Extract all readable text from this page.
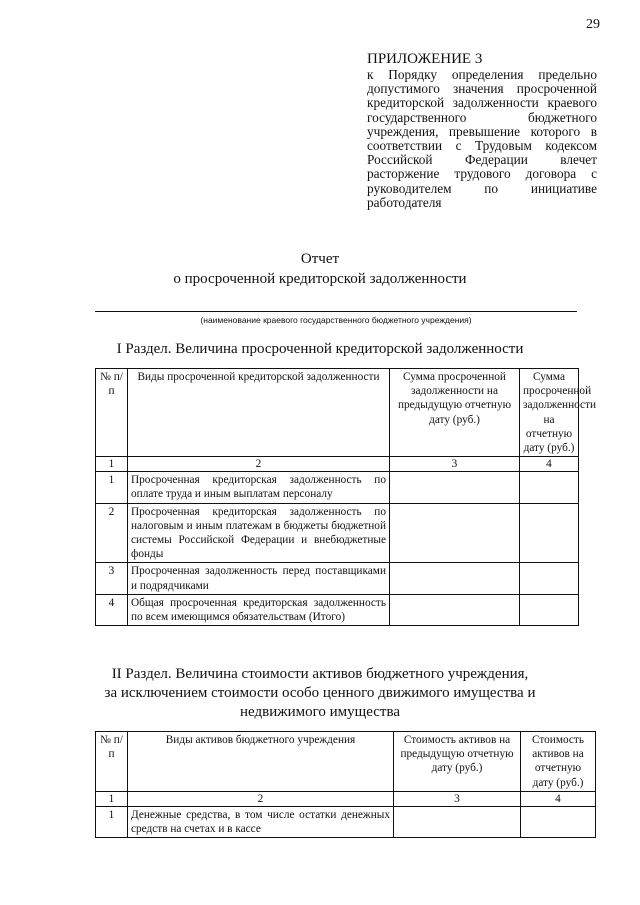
29
ПРИЛОЖЕНИЕ 3
к Порядку определения предельно допустимого значения просроченной кредиторской задолженности краевого государственного бюджетного учреждения, превышение которого в соответствии с Трудовым кодексом Российской Федерации влечет расторжение трудового договора с руководителем по инициативе работодателя
Отчет
о просроченной кредиторской задолженности
(наименование краевого государственного бюджетного учреждения)
I Раздел. Величина просроченной кредиторской задолженности
№ п/п	Виды просроченной кредиторской задолженности	Сумма просроченной задолженности на предыдущую отчетную дату (руб.)	Сумма просроченной задолженности на отчетную дату (руб.)
1	2	3	4
1	Просроченная кредиторская задолженность по оплате труда и иным выплатам персоналу		
2	Просроченная кредиторская задолженность по налоговым и иным платежам в бюджеты бюджетной системы Российской Федерации и внебюджетные фонды		
3	Просроченная задолженность перед поставщиками и подрядчиками		
4	Общая просроченная кредиторская задолженность по всем имеющимся обязательствам (Итого)		
II Раздел. Величина стоимости активов бюджетного учреждения,
за исключением стоимости особо ценного движимого имущества и
недвижимого имущества
№ п/п	Виды активов бюджетного учреждения	Стоимость активов на предыдущую отчетную дату (руб.)	Стоимость активов на отчетную дату (руб.)
1	2	3	4
1	Денежные средства, в том числе остатки денежных средств на счетах и в кассе		
